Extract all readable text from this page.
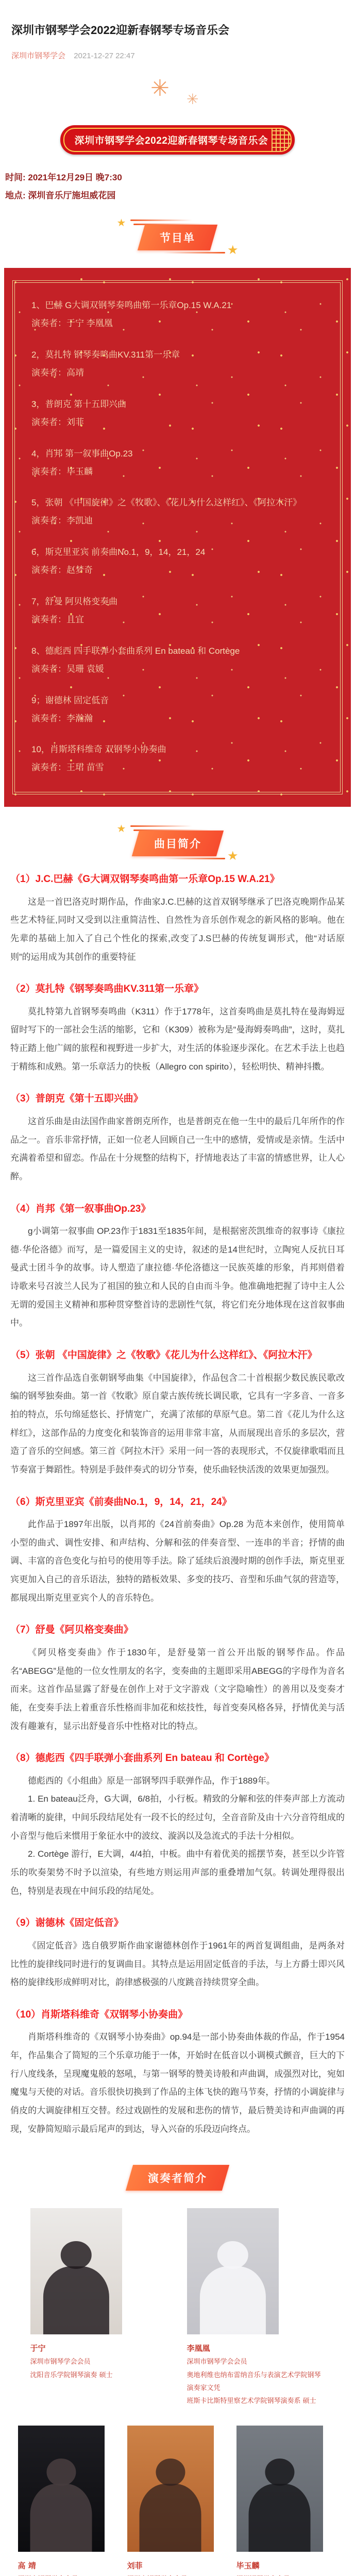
深圳市钢琴学会2022迎新春钢琴专场音乐会
深圳市钢琴学会 2021-12-27 22:47
✳ ✳
深圳市钢琴学会2022迎新春钢琴专场音乐会

时间: 2021年12月29日 晚7:30

地点: 深圳音乐厅施坦威花园

★
节目单
★
1、巴赫 G大调双钢琴奏鸣曲第一乐章Op.15 W.A.21
演奏者：于宁 李凰凰
2，莫扎特 钢琴奏鸣曲KV.311第一乐章
演奏者：高靖
3，普朗克 第十五即兴曲
演奏者：刘菲
4，肖邦 第一叙事曲Op.23
演奏者：毕玉麟
5，张朝 《中国旋律》之《牧歌》、《花儿为什么这样红》、《阿拉木汗》
演奏者：李凯迪
6，斯克里亚宾 前奏曲No.1，9，14，21，24
演奏者：赵梦奇
7，舒曼 阿贝格变奏曲
演奏者：且宜
8、德彪西 四手联弹小套曲系列 En bateau 和 Cortège
演奏者：吴珊 袁媛
9；谢德林 固定低音
演奏者：李瀚瀚
10，肖斯塔科维奇 双钢琴小协奏曲
演奏者：王珺 苗雪
★
曲目简介
★
（1）J.C.巴赫《G大调双钢琴奏鸣曲第一乐章Op.15 W.A.21》

这是一首巴洛克时期作品，作曲家J.C.巴赫的这首双钢琴继承了巴洛克晚期作品某些艺术特征,同时又受到以注重简洁性、自然性为音乐创作观念的新风格的影响。他在先辈的基础上加入了自己个性化的探索,改变了J.S巴赫的传统复调形式，他“对话原则”的运用成为其创作的重要特征

（2）莫扎特《钢琴奏鸣曲KV.311第一乐章》

莫扎特第九首钢琴奏鸣曲（K311）作于1778年，这首奏鸣曲是莫扎特在曼海姆逗留时写下的一部社会生活的缩影，它和（K309）被称为是“曼海姆奏鸣曲”，这时，莫扎特正踏上他广阔的旅程和视野进一步扩大，对生活的体验逐步深化。在艺术手法上也趋于精练和成熟。第一乐章活力的快板（Allegro con spirito），轻松明快、精神抖擞。

（3）普朗克《第十五即兴曲》

这首乐曲是由法国作曲家普朗克所作，也是普朗克在他一生中的最后几年所作的作品之一。音乐非常抒情，正如一位老人回顾自己一生中的感情，爱情或是亲情。生活中充满着希望和留恋。作品在十分规整的结构下，抒情地表达了丰富的情感世界，让人心醉。

（4）肖邦《第一叙事曲Op.23》

g小调第一叙事曲 OP.23作于1831至1835年间，是根据密茨凯维奇的叙事诗《康拉德·华伦洛德》而写，是一篇爱国主义的史诗，叙述的是14世纪时，立陶宛人反抗日耳曼武士团斗争的故事。诗人塑造了康拉德·华伦洛德这一民族英雄的形象，肖邦则借着诗歌来号召波兰人民为了祖国的独立和人民的自由而斗争。他准确地把握了诗中主人公无谓的爱国主义精神和那种贯穿整首诗的悲剧性气氛，将它们充分地体现在这首叙事曲中。

（5）张朝 《中国旋律》之《牧歌》《花儿为什么这样红》、《阿拉木汗》

这三首作品选自张朝钢琴曲集《中国旋律》，作品包含二十首根据少数民族民歌改编的钢琴独奏曲。第一首《牧歌》原自蒙古族传统长调民歌，它具有一字多音、一音多拍的特点，乐句绵延悠长、抒情宽广，充满了浓郁的草原气息。第二首《花儿为什么这样红》，这部作品的力度变化和装饰音的运用非常丰富，从而展现出音乐的多层次，营造了音乐的空间感。第三首《阿拉木汗》采用一问一答的表现形式，不仅旋律歌唱而且节奏富于舞蹈性。特别是手鼓伴奏式的切分节奏，使乐曲轻快活泼的效果更加强烈。

（6）斯克里亚宾《前奏曲No.1，9，14，21，24》

此作品于1897年出版，以肖邦的《24首前奏曲》Op.28 为范本来创作，使用简单小型的曲式、调性安排、和声结构、分解和弦的伴奏音型、一连串的半音；抒情的曲调、丰富的音色变化与拍号的使用等手法。除了延续后浪漫时期的创作手法，斯克里亚宾更加入自己的音乐语法，独特的踏板效果、多变的技巧、音型和乐曲气氛的营造等，都展现出斯克里亚宾个人的音乐特色。

（7）舒曼《阿贝格变奏曲》

《阿贝格变奏曲》作于1830年，是舒曼第一首公开出版的钢琴作品。作品名“ABEGG”是他的一位女性朋友的名字，变奏曲的主题即采用ABEGG的字母作为音名而来。这首作品显露了舒曼在创作上对于文字游戏（文字隐喻性）的善用以及变奏才能，在变奏手法上着重音乐性格而非加花和炫技性，每首变奏风格各异，抒情优美与活泼有趣兼有，显示出舒曼音乐中性格对比的特点。

（8）德彪西《四手联弹小套曲系列 En bateau 和 Cortège》

德彪西的《小组曲》原是一部钢琴四手联弹作品，作于1889年。

1. En bateau泛舟，G大调，6/8拍，小行板。精致的分解和弦的伴奏声部上方流动着清晰的旋律，中间乐段结尾处有一段不长的经过句，全音音阶及由十六分音符组成的小音型与他后来惯用于象征水中的波纹、漩涡以及急流式的手法十分相似。

2. Cortège 游行，E大调，4/4拍，中板。曲中有着优美的摇摆节奏，甚至以少许管乐的吹奏架势不时予以渲染，有些地方则运用声部的重叠增加气氛。转调处理得很出色，特别是表现在中间乐段的结尾处。

（9）谢德林《固定低音》

《固定低音》选自俄罗斯作曲家谢德林创作于1961年的两首复调组曲，是两条对比性的旋律线同时进行的复调曲目。其特点是运用固定低音的手法，与上方爵士即兴风格的旋律线形成鲜明对比，韵律感极强的八度跳音持续贯穿全曲。

（10）肖斯塔科维奇《双钢琴小协奏曲》

肖斯塔科维奇的《双钢琴小协奏曲》op.94是一部小协奏曲体裁的作品，作于1954年，作品集合了简短的三个乐章功能于一体，开始时在低音以小调模式颤音，巨大的下行八度线条，呈现魔鬼般的怒吼，与第一钢琴的赞美诗般和声曲调，成强烈对比，宛如魔鬼与天使的对话。音乐很快切换到了作品的主体飞快的跑马节奏，抒情的小调旋律与俏皮的大调旋律相互交替。经过戏剧性的发展和悲伤的情节，最后赞美诗和声曲调的再现，安静简短暗示最后尾声的到达，导入兴奋的乐段迈向终点。

演奏者简介
于宁
深圳市钢琴学会会员
沈阳音乐学院钢琴演奏 硕士
李凰凰
深圳市钢琴学会会员
奥地利维也纳布雷纳音乐与表演艺术学院钢琴演奏家文凭
班斯卡比斯特里察艺术学院钢琴演奏系 硕士
高 靖	刘菲	毕玉麟
